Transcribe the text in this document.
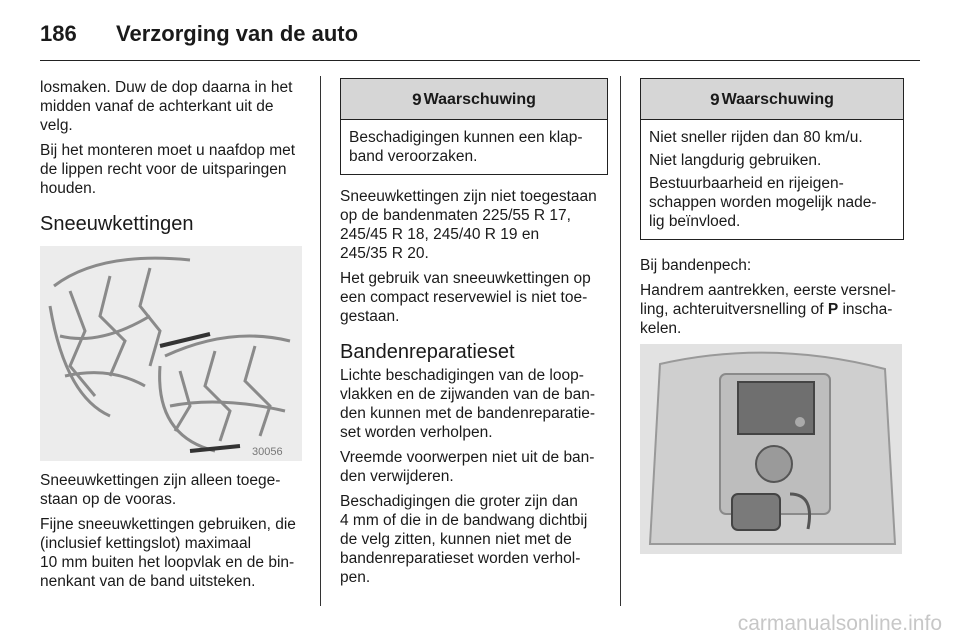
186	Verzorging van de auto

losmaken. Duw de dop daarna in het
midden vanaf de achterkant uit de
velg.

Bij het monteren moet u naafdop met
de lippen recht voor de uitsparingen
houden.

Sneeuwkettingen
30056

Sneeuwkettingen zijn alleen toege-
staan op de vooras.

Fijne sneeuwkettingen gebruiken, die
(inclusief kettingslot) maximaal
10 mm buiten het loopvlak en de bin-
nenkant van de band uitsteken.

9 Waarschuwing

Beschadigingen kunnen een klap-
band veroorzaken.

Sneeuwkettingen zijn niet toegestaan
op de bandenmaten 225/55 R 17,
245/45 R 18, 245/40 R 19 en
245/35 R 20.

Het gebruik van sneeuwkettingen op
een compact reservewiel is niet toe-
gestaan.

Bandenreparatieset

Lichte beschadigingen van de loop-
vlakken en de zijwanden van de ban-
den kunnen met de bandenreparatie-
set worden verholpen.

Vreemde voorwerpen niet uit de ban-
den verwijderen.

Beschadigingen die groter zijn dan
4 mm of die in de bandwang dichtbij
de velg zitten, kunnen niet met de
bandenreparatieset worden verhol-
pen.

9 Waarschuwing

Niet sneller rijden dan 80 km/u.

Niet langdurig gebruiken.

Bestuurbaarheid en rijeigen-
schappen worden mogelijk nade-
lig beïnvloed.

Bij bandenpech:

Handrem aantrekken, eerste versnel-
ling, achteruitversnelling of P inscha-
kelen.

carmanualsonline.info
